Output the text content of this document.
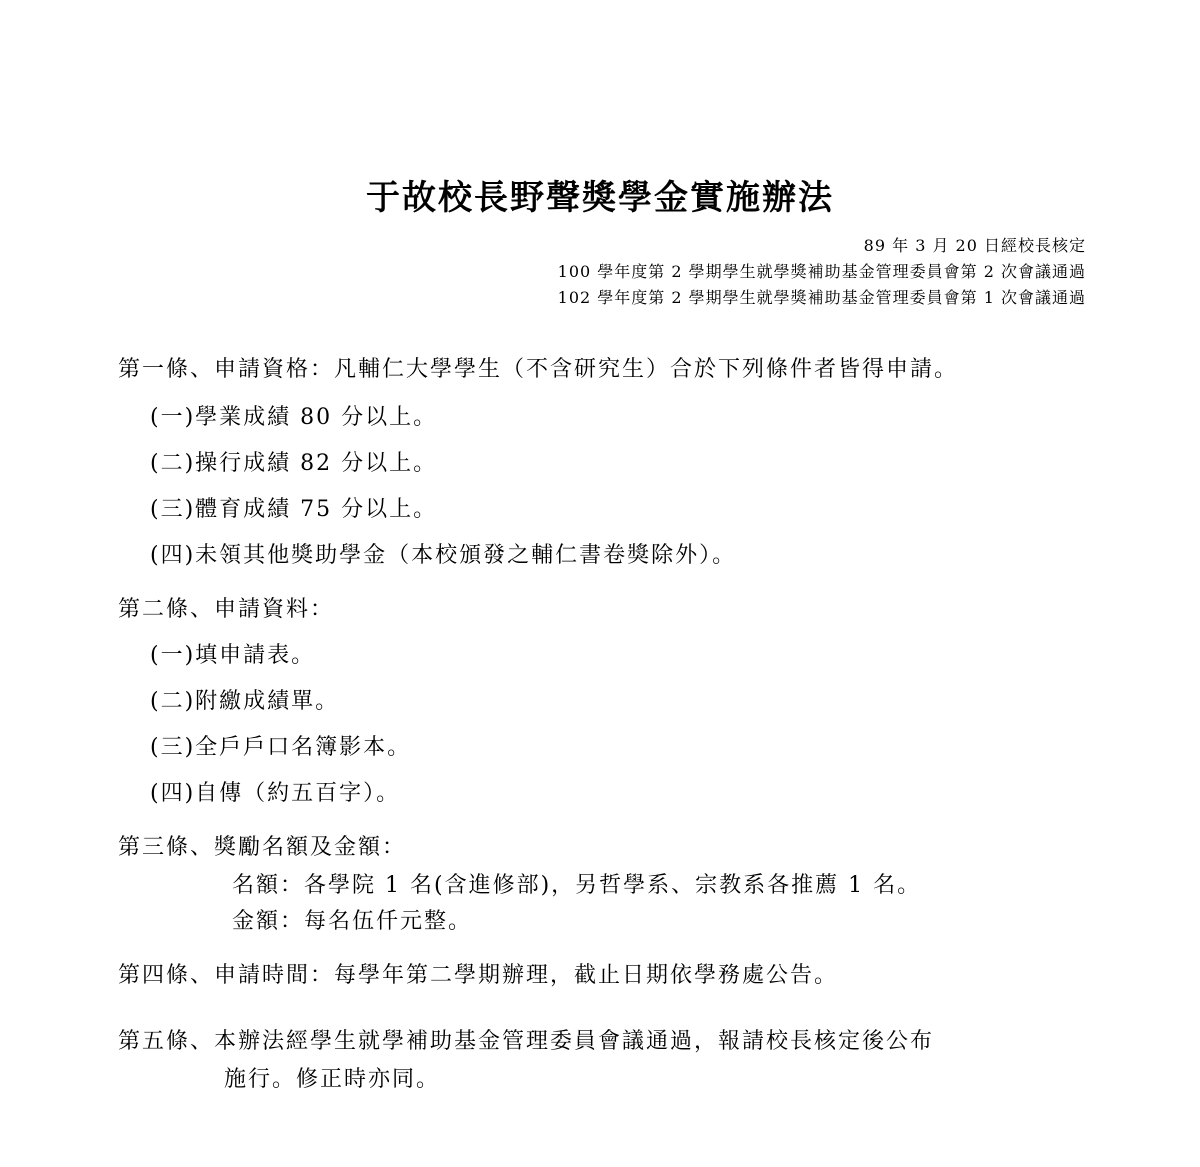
于故校長野聲獎學金實施辦法
89 年 3 月 20 日經校長核定
100 學年度第 2 學期學生就學獎補助基金管理委員會第 2 次會議通過
102 學年度第 2 學期學生就學獎補助基金管理委員會第 1 次會議通過
第一條、申請資格：凡輔仁大學學生（不含研究生）合於下列條件者皆得申請。
(一)學業成績 80 分以上。
(二)操行成績 82 分以上。
(三)體育成績 75 分以上。
(四)未領其他獎助學金（本校頒發之輔仁書卷獎除外）。
第二條、申請資料：
(一)填申請表。
(二)附繳成績單。
(三)全戶戶口名簿影本。
(四)自傳（約五百字）。
第三條、獎勵名額及金額：
名額：各學院 1 名(含進修部)，另哲學系、宗教系各推薦 1 名。
金額：每名伍仟元整。
第四條、申請時間：每學年第二學期辦理，截止日期依學務處公告。
第五條、本辦法經學生就學補助基金管理委員會議通過，報請校長核定後公布
施行。修正時亦同。
